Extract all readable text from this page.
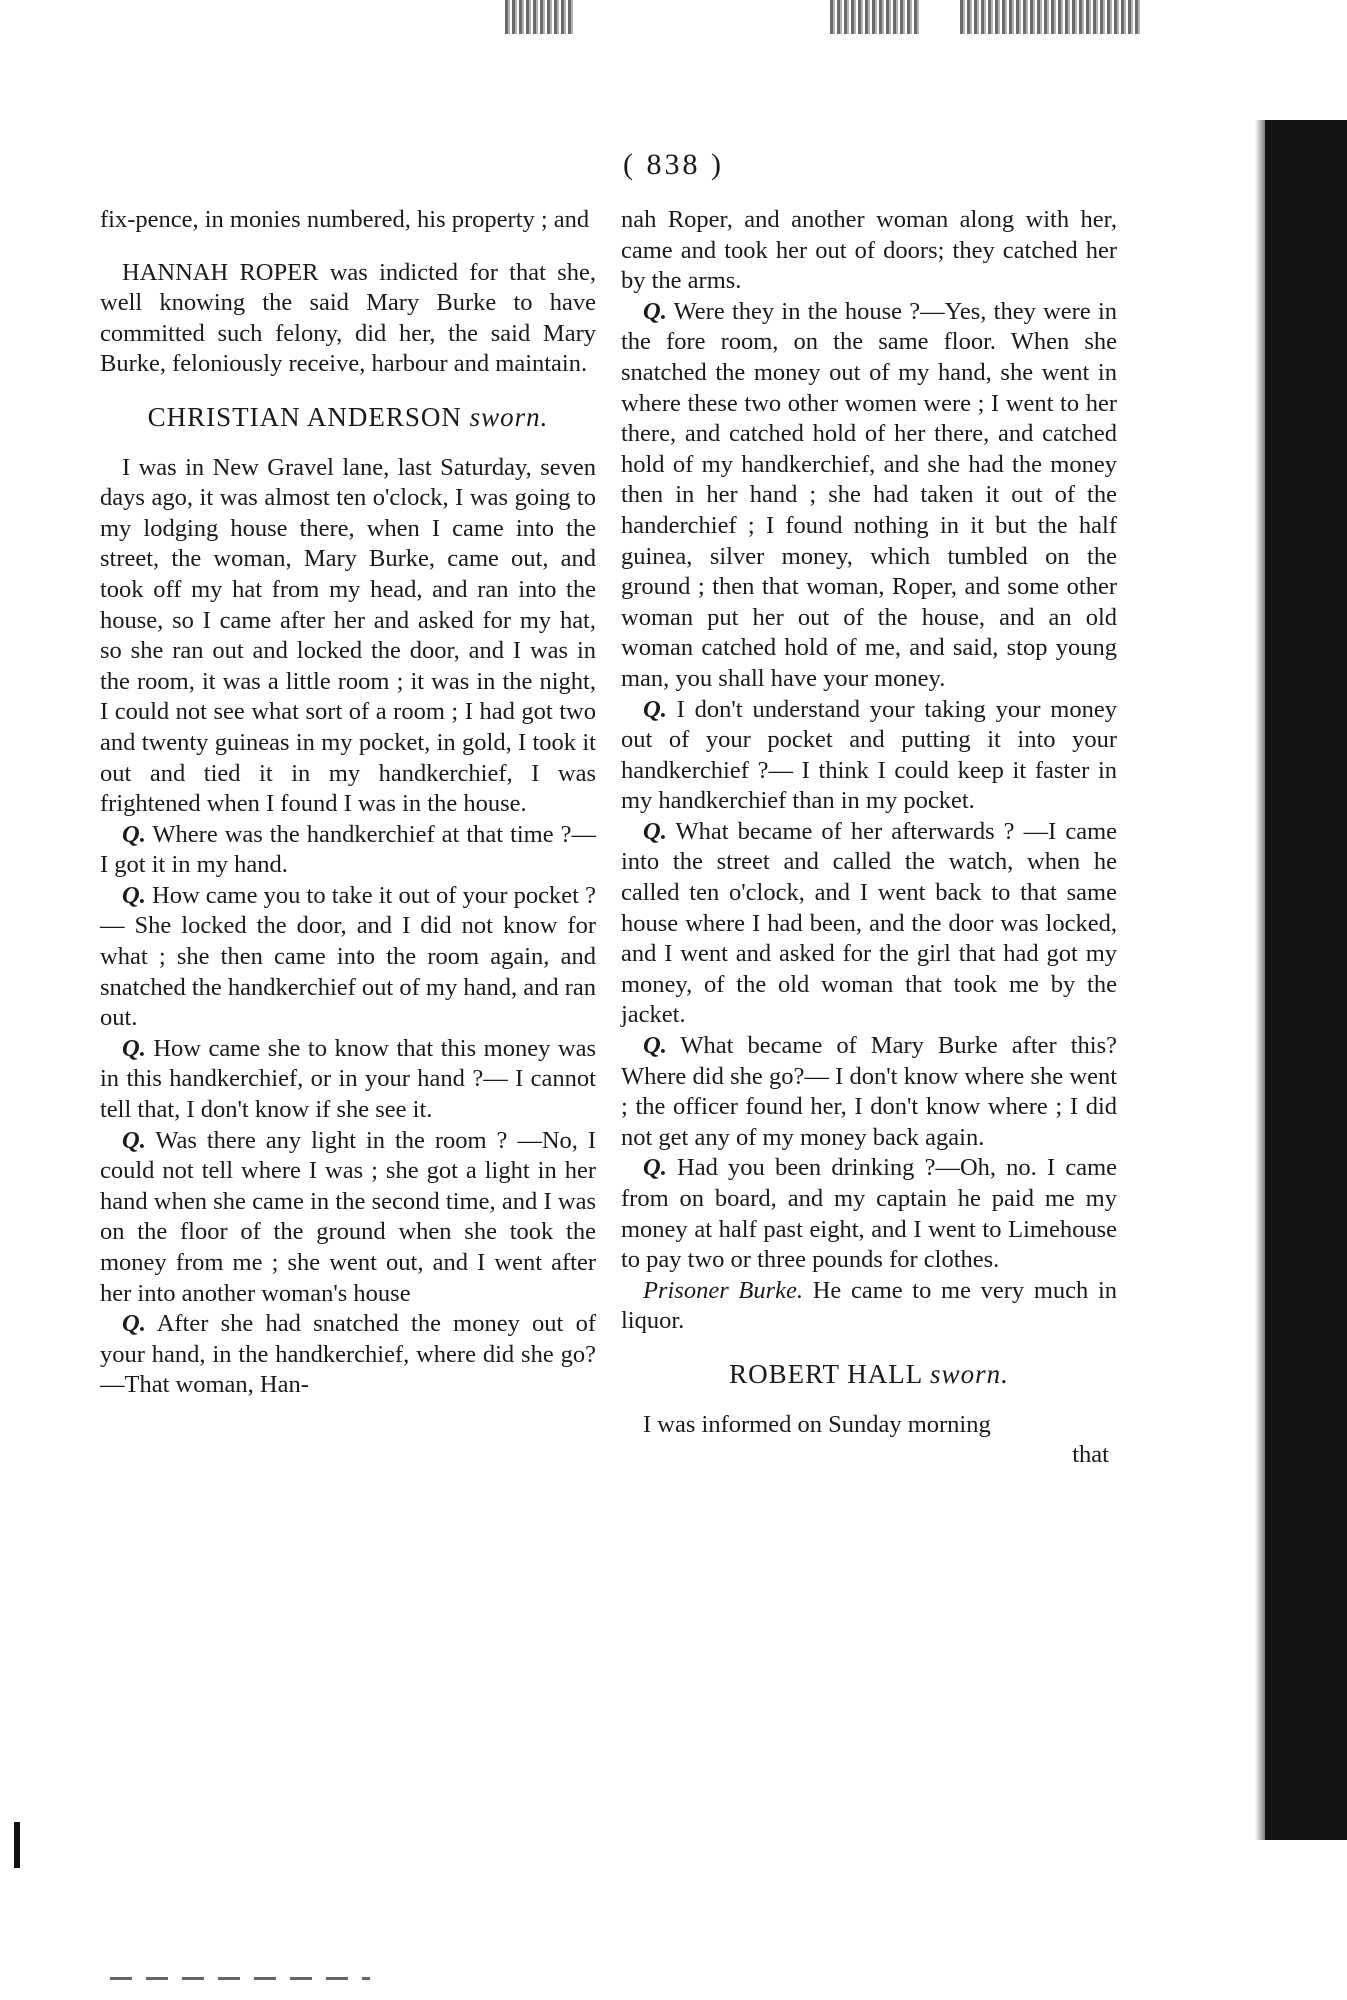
( 838 )

fix-pence, in monies numbered, his property ; and

HANNAH ROPER was indicted for that she, well knowing the said Mary Burke to have committed such felony, did her, the said Mary Burke, feloniously receive, harbour and maintain.

CHRISTIAN ANDERSON sworn.

I was in New Gravel lane, last Saturday, seven days ago, it was almost ten o'clock, I was going to my lodging house there, when I came into the street, the woman, Mary Burke, came out, and took off my hat from my head, and ran into the house, so I came after her and asked for my hat, so she ran out and locked the door, and I was in the room, it was a little room ; it was in the night, I could not see what sort of a room ; I had got two and twenty guineas in my pocket, in gold, I took it out and tied it in my handkerchief, I was frightened when I found I was in the house.

Q. Where was the handkerchief at that time ?—I got it in my hand.

Q. How came you to take it out of your pocket ?— She locked the door, and I did not know for what ; she then came into the room again, and snatched the handkerchief out of my hand, and ran out.

Q. How came she to know that this money was in this handkerchief, or in your hand ?— I cannot tell that, I don't know if she see it.

Q. Was there any light in the room ? —No, I could not tell where I was ; she got a light in her hand when she came in the second time, and I was on the floor of the ground when she took the money from me ; she went out, and I went after her into another woman's house

Q. After she had snatched the money out of your hand, in the handkerchief, where did she go?—That woman, Han-

nah Roper, and another woman along with her, came and took her out of doors; they catched her by the arms.

Q. Were they in the house ?—Yes, they were in the fore room, on the same floor. When she snatched the money out of my hand, she went in where these two other women were ; I went to her there, and catched hold of her there, and catched hold of my handkerchief, and she had the money then in her hand ; she had taken it out of the handerchief ; I found nothing in it but the half guinea, silver money, which tumbled on the ground ; then that woman, Roper, and some other woman put her out of the house, and an old woman catched hold of me, and said, stop young man, you shall have your money.

Q. I don't understand your taking your money out of your pocket and putting it into your handkerchief ?— I think I could keep it faster in my handkerchief than in my pocket.

Q. What became of her afterwards ? —I came into the street and called the watch, when he called ten o'clock, and I went back to that same house where I had been, and the door was locked, and I went and asked for the girl that had got my money, of the old woman that took me by the jacket.

Q. What became of Mary Burke after this? Where did she go?— I don't know where she went ; the officer found her, I don't know where ; I did not get any of my money back again.

Q. Had you been drinking ?—Oh, no. I came from on board, and my captain he paid me my money at half past eight, and I went to Limehouse to pay two or three pounds for clothes.

Prisoner Burke. He came to me very much in liquor.

ROBERT HALL sworn.

I was informed on Sunday morning

that
